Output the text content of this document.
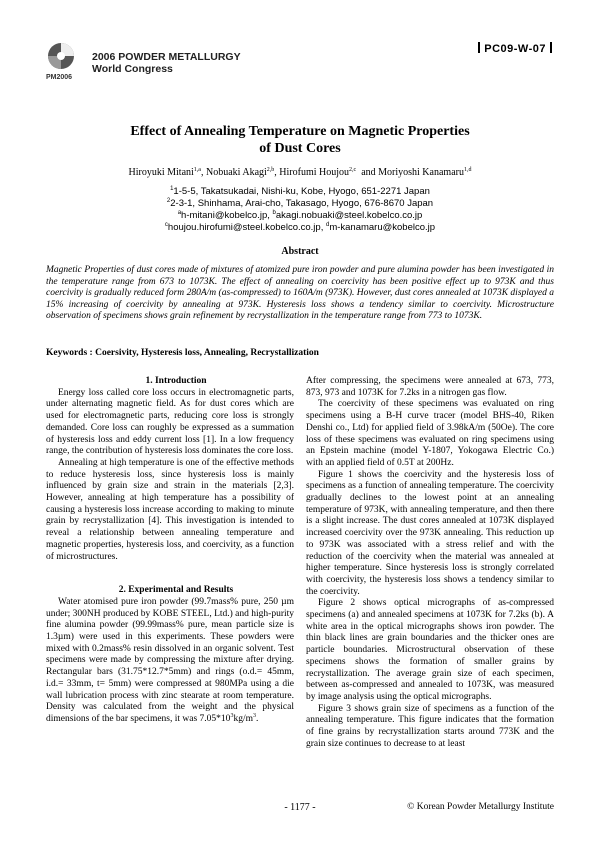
PM2006
2006 POWDER METALLURGY
World Congress
PC09-W-07
Effect of Annealing Temperature on Magnetic Properties
of Dust Cores
Hiroyuki Mitani$^{1,a}$, Nobuaki Akagi$^{2,b}$, Hirofumi Houjou$^{2,c}$  and Moriyoshi Kanamaru$^{1,d}$
$^1$1-5-5, Takatsukadai, Nishi-ku, Kobe, Hyogo, 651-2271 Japan
$^2$2-3-1, Shinhama, Arai-cho, Takasago, Hyogo, 676-8670 Japan
$^a$h-mitani@kobelco.jp, $^b$akagi.nobuaki@steel.kobelco.co.jp
$^c$houjou.hirofumi@steel.kobelco.co.jp, $^d$m-kanamaru@kobelco.jp
Abstract
Magnetic Properties of dust cores made of mixtures of atomized pure iron powder and pure alumina powder has been investigated in the temperature range from 673 to 1073K. The effect of annealing on coercivity has been positive effect up to 973K and thus coercivity is gradually reduced form 280A/m (as-compressed) to 160A/m (973K). However, dust cores annealed at 1073K displayed a 15% increasing of coercivity by annealing at 973K. Hysteresis loss shows a tendency similar to coercivity. Microstructure observation of specimens shows grain refinement by recrystallization in the temperature range from 773 to 1073K.
Keywords : Coersivity, Hysteresis loss, Annealing, Recrystallization

1. Introduction

Energy loss called core loss occurs in electromagnetic parts, under alternating magnetic field. As for dust cores which are used for electromagnetic parts, reducing core loss is strongly demanded. Core loss can roughly be expressed as a summation of hysteresis loss and eddy current loss [1]. In a low frequency range, the contribution of hysteresis loss dominates the core loss.

Annealing at high temperature is one of the effective methods to reduce hysteresis loss, since hysteresis loss is mainly influenced by grain size and strain in the materials [2,3]. However, annealing at high temperature has a possibility of causing a hysteresis loss increase according to making to minute grain by recrystallization [4]. This investigation is intended to reveal a relationship between annealing temperature and magnetic properties, hysteresis loss, and coercivity, as a function of microstructures.

2. Experimental and Results

Water atomised pure iron powder (99.7mass% pure, 250 µm under; 300NH produced by KOBE STEEL, Ltd.) and high-purity fine alumina powder (99.99mass% pure, mean particle size is 1.3µm) were used in this experiments. These powders were mixed with 0.2mass% resin dissolved in an organic solvent. Test specimens were made by compressing the mixture after drying. Rectangular bars (31.75*12.7*5mm) and rings (o.d.= 45mm, i.d.= 33mm, t= 5mm) were compressed at 980MPa using a die wall lubrication process with zinc stearate at room temperature. Density was calculated from the weight and the physical dimensions of the bar specimens, it was $7.05*10^3kg/m^3$.

After compressing, the specimens were annealed at 673, 773, 873, 973 and 1073K for 7.2ks in a nitrogen gas flow.

The coercivity of these specimens was evaluated on ring specimens using a B-H curve tracer (model BHS-40, Riken Denshi co., Ltd) for applied field of 3.98kA/m (50Oe). The core loss of these specimens was evaluated on ring specimens using an Epstein machine (model Y-1807, Yokogawa Electric Co.) with an applied field of 0.5T at 200Hz.

Figure 1 shows the coercivity and the hysteresis loss of specimens as a function of annealing temperature. The coercivity gradually declines to the lowest point at an annealing temperature of 973K, with annealing temperature, and then there is a slight increase. The dust cores annealed at 1073K displayed increased coercivity over the 973K annealing. This reduction up to 973K was associated with a stress relief and with the reduction of the coercivity when the material was annealed at higher temperature. Since hysteresis loss is strongly correlated with coercivity, the hysteresis loss shows a tendency similar to the coercivity.

Figure 2 shows optical micrographs of as-compressed specimens (a) and annealed specimens at 1073K for 7.2ks (b). A white area in the optical micrographs shows iron powder. The thin black lines are grain boundaries and the thicker ones are particle boundaries. Microstructural observation of these specimens shows the formation of smaller grains by recrystallization. The average grain size of each specimen, between as-compressed and annealed to 1073K, was measured by image analysis using the optical micrographs.

Figure 3 shows grain size of specimens as a function of the annealing temperature. This figure indicates that the formation of fine grains by recrystallization starts around 773K and the grain size continues to decrease to at least

- 1177 -	© Korean Powder Metallurgy Institute
